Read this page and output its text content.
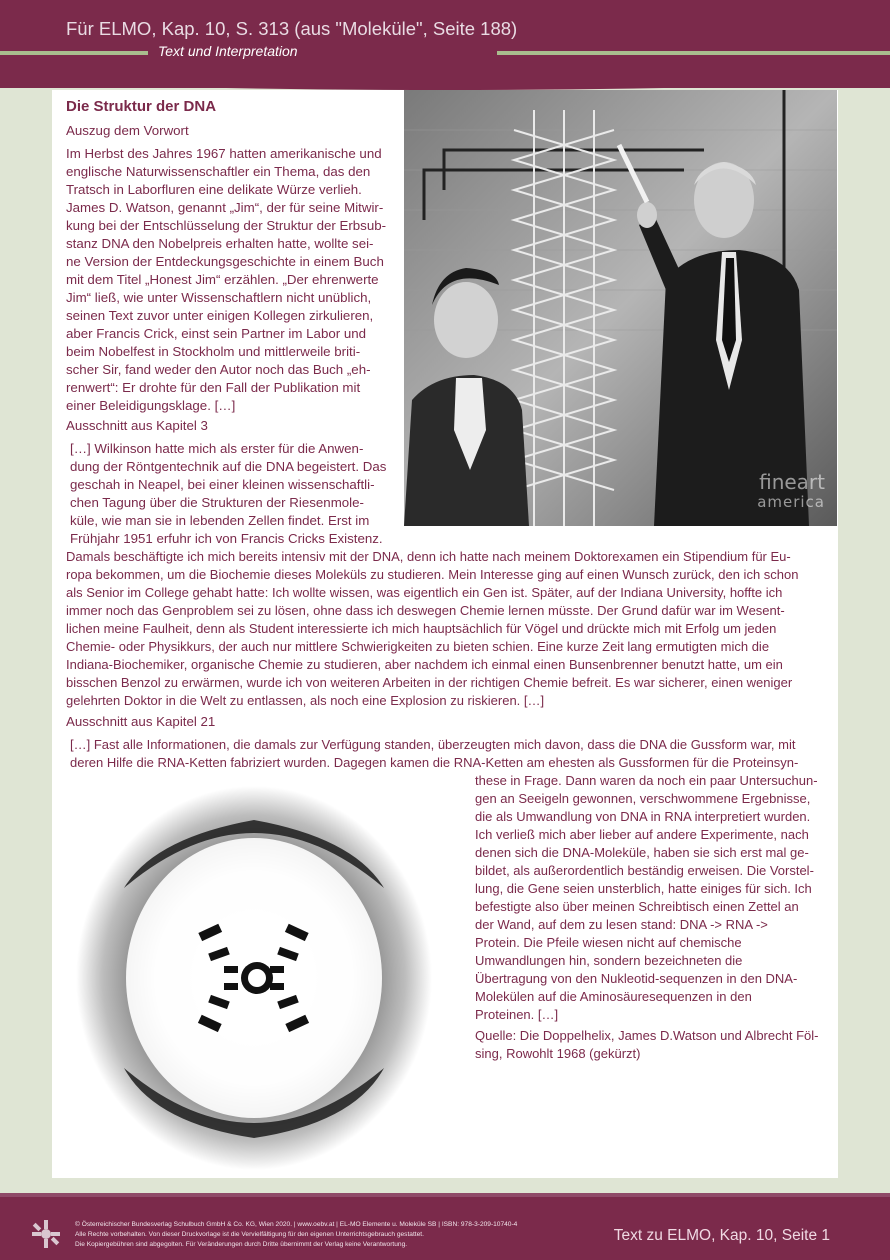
Für ELMO, Kap. 10, S. 313 (aus "Moleküle", Seite 188)
Text und Interpretation
Die Struktur der DNA
Auszug dem Vorwort
Im Herbst des Jahres 1967 hatten amerikanische und
englische Naturwissenschaftler ein Thema, das den
Tratsch in Laborfluren eine delikate Würze verlieh.
James D. Watson, genannt „Jim“, der für seine Mitwir-
kung bei der Entschlüsselung der Struktur der Erbsub-
stanz DNA den Nobelpreis erhalten hatte, wollte sei-
ne Version der Entdeckungsgeschichte in einem Buch
mit dem Titel „Honest Jim“ erzählen. „Der ehrenwerte
Jim“ ließ, wie unter Wissenschaftlern nicht unüblich,
seinen Text zuvor unter einigen Kollegen zirkulieren,
aber Francis Crick, einst sein Partner im Labor und
beim Nobelfest in Stockholm und mittlerweile briti-
scher Sir, fand weder den Autor noch das Buch „eh-
renwert“: Er drohte für den Fall der Publikation mit
einer Beleidigungsklage. […]
Ausschnitt aus Kapitel 3
[…] Wilkinson hatte mich als erster für die Anwen-
dung der Röntgentechnik auf die DNA begeistert. Das
geschah in Neapel, bei einer kleinen wissenschaftli-
chen Tagung über die Strukturen der Riesenmole-
küle, wie man sie in lebenden Zellen findet. Erst im
Frühjahr 1951 erfuhr ich von Francis Cricks Existenz.
Damals beschäftigte ich mich bereits intensiv mit der DNA, denn ich hatte nach meinem Doktorexamen ein Stipendium für Eu-
ropa bekommen, um die Biochemie dieses Moleküls zu studieren. Mein Interesse ging auf einen Wunsch zurück, den ich schon
als Senior im College gehabt hatte: Ich wollte wissen, was eigentlich ein Gen ist. Später, auf der Indiana University, hoffte ich
immer noch das Genproblem sei zu lösen, ohne dass ich deswegen Chemie lernen müsste. Der Grund dafür war im Wesent-
lichen meine Faulheit, denn als Student interessierte ich mich hauptsächlich für Vögel und drückte mich mit Erfolg um jeden
Chemie- oder Physikkurs, der auch nur mittlere Schwierigkeiten zu bieten schien. Eine kurze Zeit lang ermutigten mich die
Indiana-Biochemiker, organische Chemie zu studieren, aber nachdem ich einmal einen Bunsenbrenner benutzt hatte, um ein
bisschen Benzol zu erwärmen, wurde ich von weiteren Arbeiten in der richtigen Chemie befreit. Es war sicherer, einen weniger
gelehrten Doktor in die Welt zu entlassen, als noch eine Explosion zu riskieren. […]
Ausschnitt aus Kapitel 21
[…] Fast alle Informationen, die damals zur Verfügung standen, überzeugten mich davon, dass die DNA die Gussform war, mit
deren Hilfe die RNA-Ketten fabriziert wurden. Dagegen kamen die RNA-Ketten am ehesten als Gussformen für die Proteinsyn-
these in Frage. Dann waren da noch ein paar Untersuchun-
gen an Seeigeln gewonnen, verschwommene Ergebnisse,
die als Umwandlung von DNA in RNA interpretiert wurden.
Ich verließ mich aber lieber auf andere Experimente, nach
denen sich die DNA-Moleküle, haben sie sich erst mal ge-
bildet, als außerordentlich beständig erweisen. Die Vorstel-
lung, die Gene seien unsterblich, hatte einiges für sich. Ich
befestigte also über meinen Schreibtisch einen Zettel an
der Wand, auf dem zu lesen stand: DNA -> RNA ->
Protein. Die Pfeile wiesen nicht auf chemische
Umwandlungen hin, sondern bezeichneten die
Übertragung von den Nukleotid-sequenzen in den DNA-
Molekülen auf die Aminosäuresequenzen in den
Proteinen. […]
Quelle: Die Doppelhelix, James D.Watson und Albrecht Föl-
sing, Rowohlt 1968 (gekürzt)
fineart
america
© Österreichischer Bundesverlag Schulbuch GmbH & Co. KG, Wien 2020. | www.oebv.at | EL-MO Elemente u. Moleküle SB | ISBN: 978-3-209-10740-4
Alle Rechte vorbehalten. Von dieser Druckvorlage ist die Vervielfältigung für den eigenen Unterrichtsgebrauch gestattet.
Die Kopiergebühren sind abgegolten. Für Veränderungen durch Dritte übernimmt der Verlag keine Verantwortung.
Text zu ELMO, Kap. 10, Seite 1
